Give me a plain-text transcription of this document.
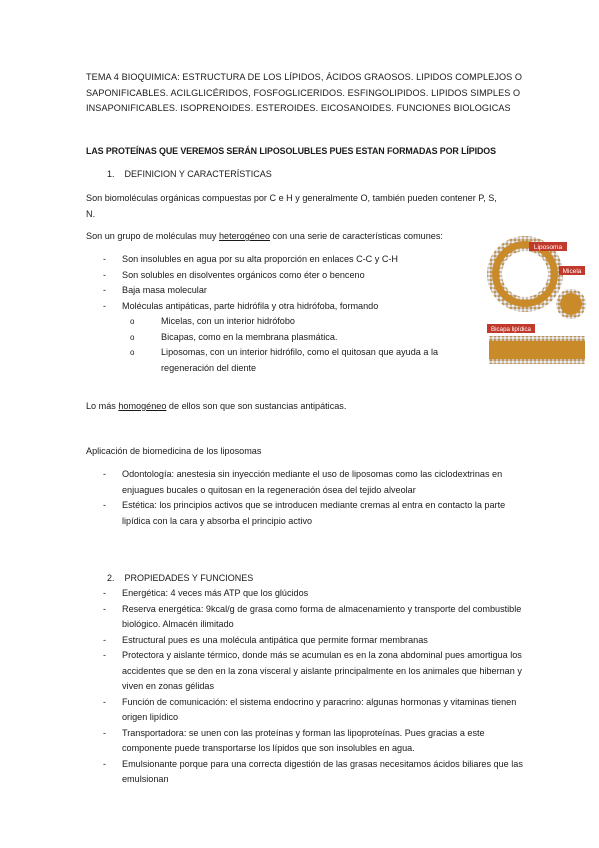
TEMA 4 BIOQUIMICA: ESTRUCTURA DE LOS LÍPIDOS, ÁCIDOS GRAOSOS. LIPIDOS COMPLEJOS O SAPONIFICABLES. ACILGLICÉRIDOS, FOSFOGLICERIDOS. ESFINGOLIPIDOS. LIPIDOS SIMPLES O INSAPONIFICABLES. ISOPRENOIDES. ESTEROIDES. EICOSANOIDES. FUNCIONES BIOLOGICAS
LAS PROTEÍNAS QUE VEREMOS SERÁN LIPOSOLUBLES PUES ESTAN FORMADAS POR LÍPIDOS
1. DEFINICION Y CARACTERÍSTICAS
Son biomoléculas orgánicas compuestas por C e H y generalmente O, también pueden contener P, S, N.
Son un grupo de moléculas muy heterogéneo con una serie de características comunes:
- Son insolubles en agua por su alta proporción en enlaces C-C y C-H
- Son solubles en disolventes orgánicos como éter o benceno
- Baja masa molecular
- Moléculas antipáticas, parte hidrófila y otra hidrófoba, formando
o Micelas, con un interior hidrófobo
o Bicapas, como en la membrana plasmática.
o Liposomas, con un interior hidrófilo, como el quitosan que ayuda a la regeneración del diente
Liposoma
Micela
Bicapa lipídica
Lo más homogéneo de ellos son que son sustancias antipáticas.
Aplicación de biomedicina de los liposomas
- Odontología: anestesia sin inyección mediante el uso de liposomas como las ciclodextrinas en enjuagues bucales o quitosan en la regeneración ósea del tejido alveolar
- Estética: los principios activos que se introducen mediante cremas al entra en contacto la parte lipídica con la cara y absorba el principio activo
2. PROPIEDADES Y FUNCIONES
- Energética: 4 veces más ATP que los glúcidos
- Reserva energética: 9kcal/g de grasa como forma de almacenamiento y transporte del combustible biológico. Almacén ilimitado
- Estructural pues es una molécula antipática que permite formar membranas
- Protectora y aislante térmico, donde más se acumulan es en la zona abdominal pues amortigua los accidentes que se den en la zona visceral y aislante principalmente en los animales que hibernan y viven en zonas gélidas
- Función de comunicación: el sistema endocrino y paracrino: algunas hormonas y vitaminas tienen origen lipídico
- Transportadora: se unen con las proteínas y forman las lipoproteínas. Pues gracias a este componente puede transportarse los lípidos que son insolubles en agua.
- Emulsionante porque para una correcta digestión de las grasas necesitamos ácidos biliares que las emulsionan
